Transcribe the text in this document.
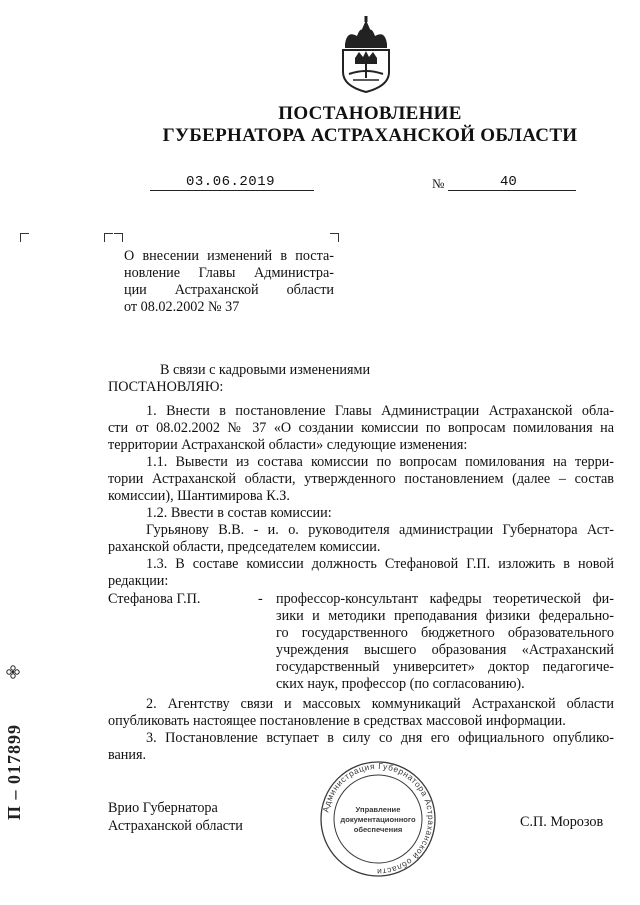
ПОСТАНОВЛЕНИЕ
ГУБЕРНАТОРА АСТРАХАНСКОЙ ОБЛАСТИ
03.06.2019	№	40
О внесении изменений в поста-
новление Главы Администра-
ции Астраханской области
от 08.02.2002 № 37
В связи с кадровыми изменениями
ПОСТАНОВЛЯЮ:
1. Внести в постановление Главы Администрации Астраханской обла-
сти от 08.02.2002 № 37 «О создании комиссии по вопросам помилования на
территории Астраханской области» следующие изменения:
1.1. Вывести из состава комиссии по вопросам помилования на терри-
тории Астраханской области, утвержденного постановлением (далее – состав
комиссии), Шантимирова К.З.
1.2. Ввести в состав комиссии:
Гурьянову В.В. - и. о. руководителя администрации Губернатора Аст-
раханской области, председателем комиссии.
1.3. В составе комиссии должность Стефановой Г.П. изложить в новой
редакции:
Стефанова Г.П.	- профессор-консультант кафедры теоретической фи-
зики и методики преподавания физики федерально-
го государственного бюджетного образовательного
учреждения высшего образования «Астраханский
государственный университет» доктор педагогиче-
ских наук, профессор (по согласованию).
2. Агентству связи и массовых коммуникаций Астраханской области
опубликовать настоящее постановление в средствах массовой информации.
3. Постановление вступает в силу со дня его официального опублико-
вания.
Врио Губернатора
Астраханской области	С.П. Морозов
Администрация Губернатора Астраханской области
Управление
документационного
обеспечения
П – 017899
